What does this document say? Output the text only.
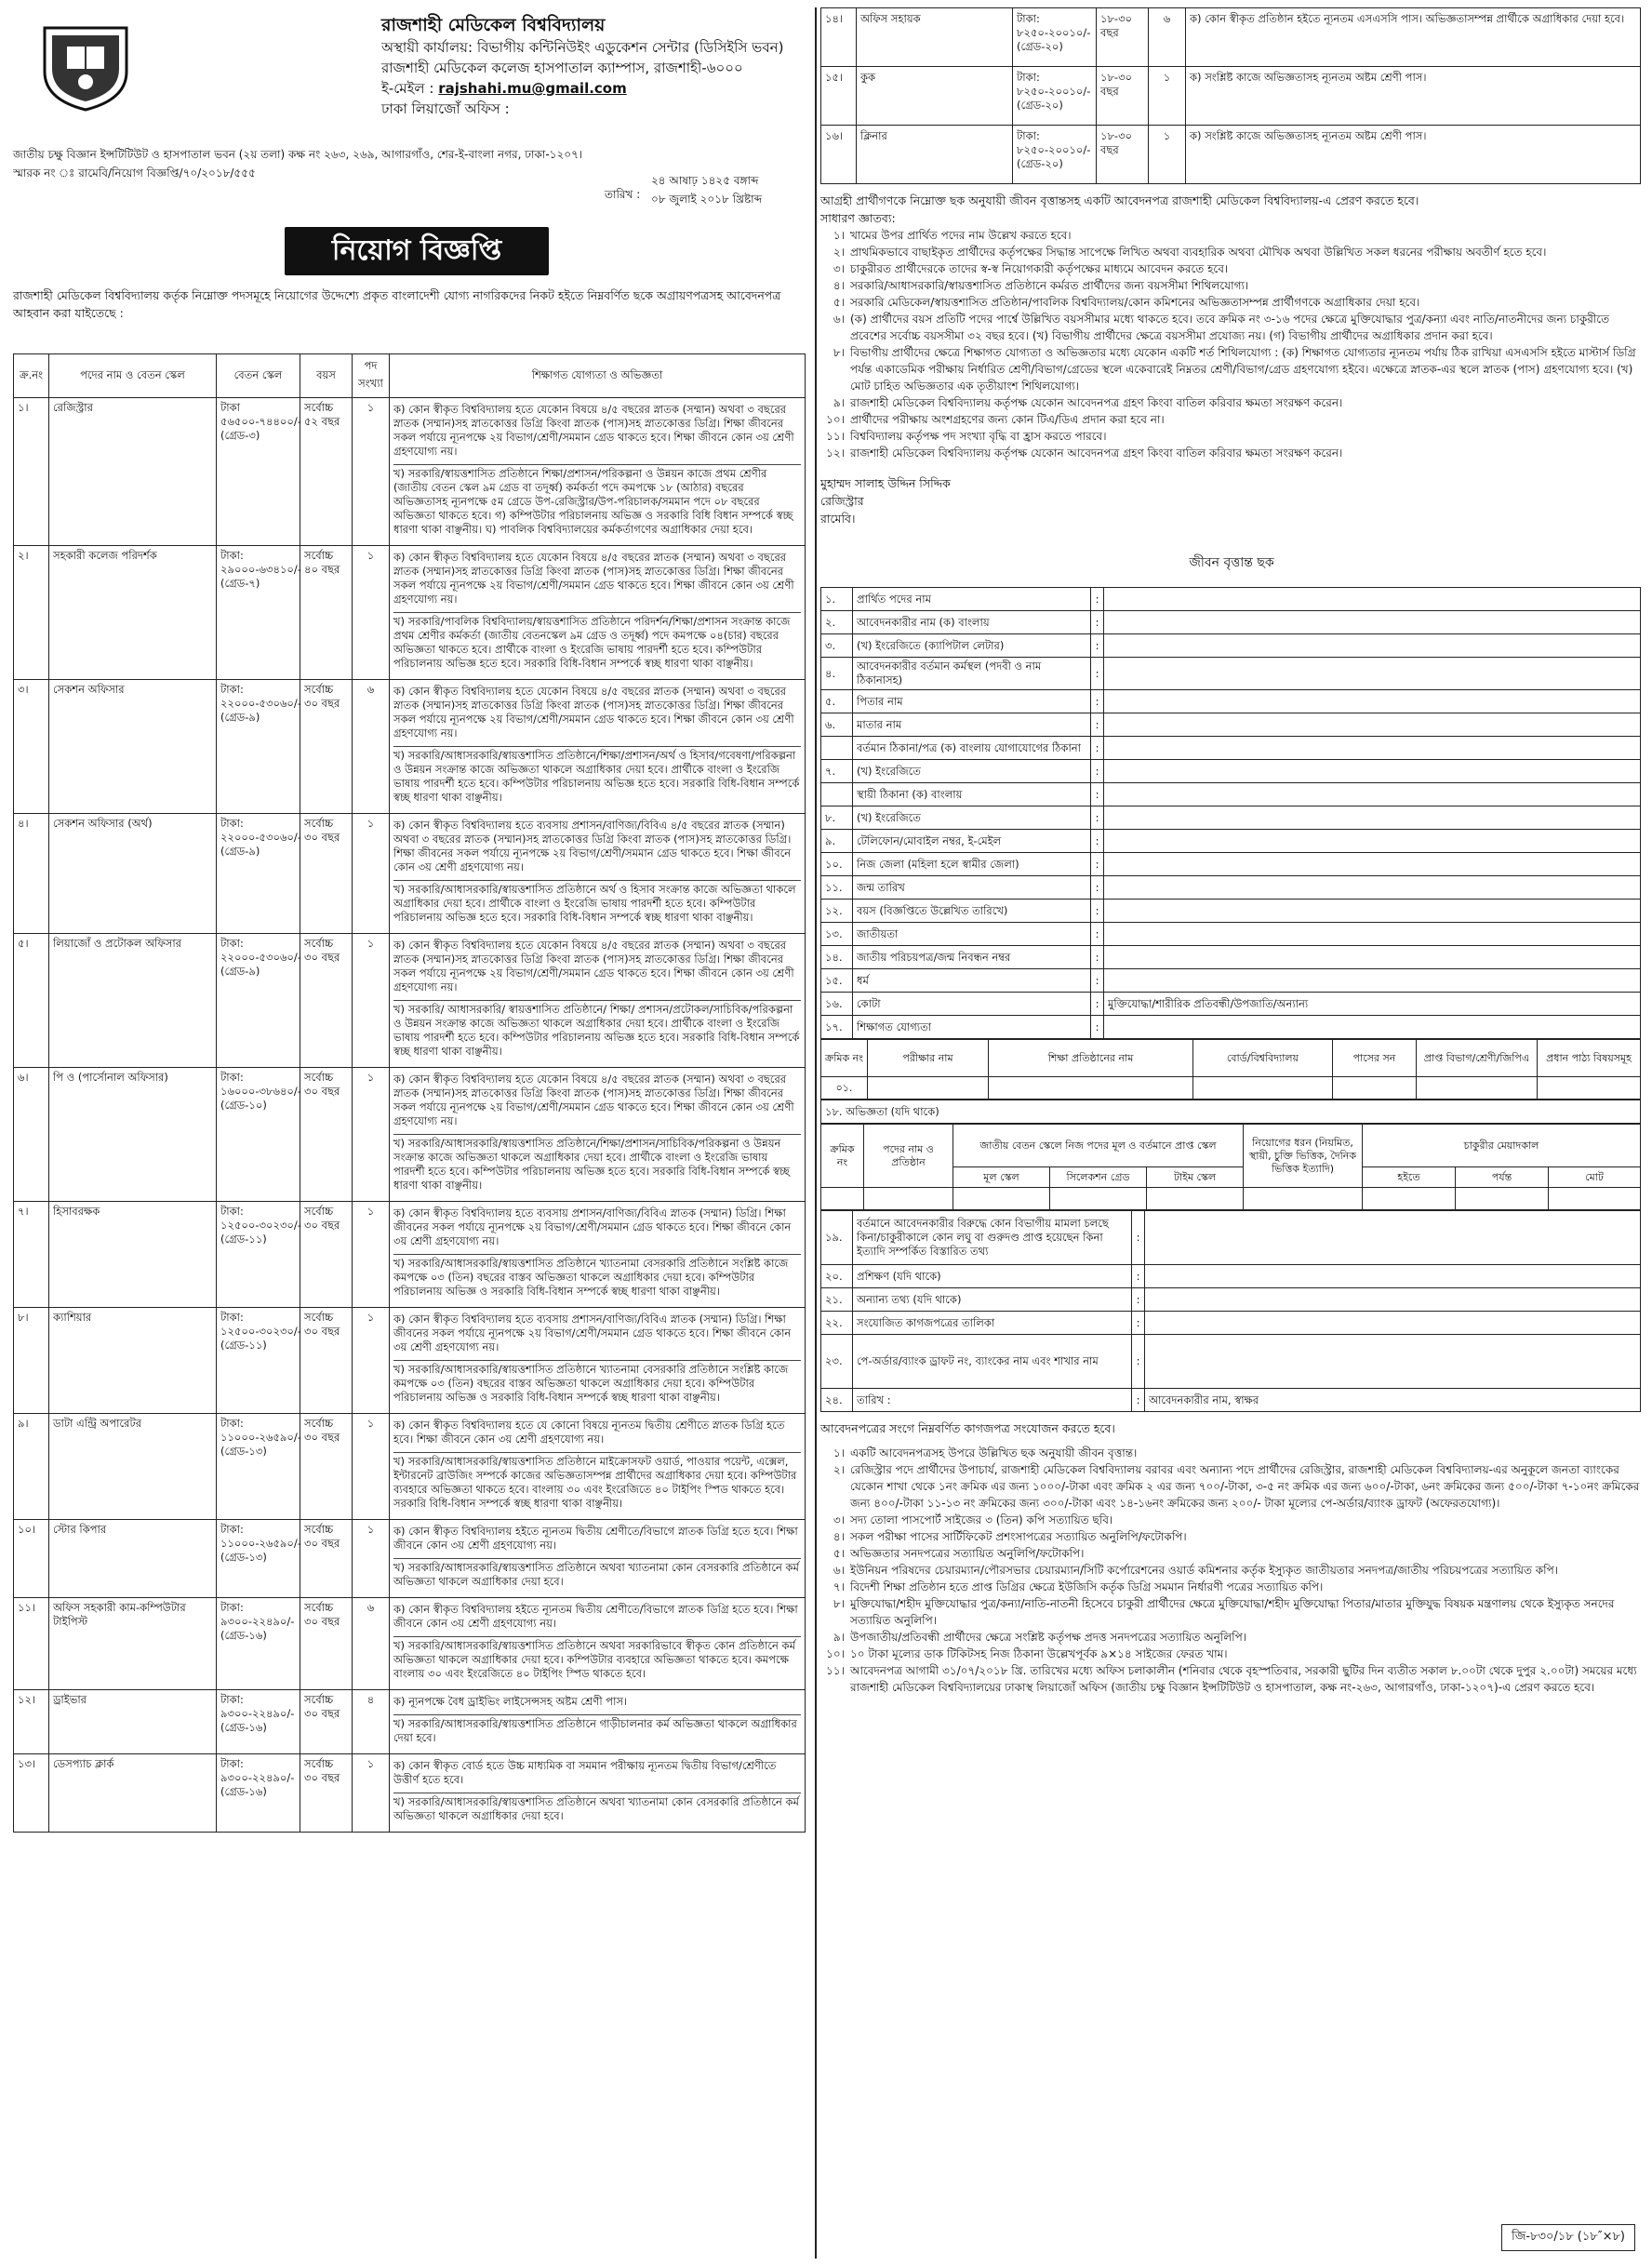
রাজশাহী মেডিকেল বিশ্ববিদ্যালয়
অস্থায়ী কার্যালয়: বিভাগীয় কন্টিনিউইং এডুকেশন সেন্টার (ডিসিইসি ভবন)
রাজশাহী মেডিকেল কলেজ হাসপাতাল ক্যাম্পাস, রাজশাহী-৬০০০
ই-মেইল : rajshahi.mu@gmail.com
ঢাকা লিয়াজোঁ অফিস :
জাতীয় চক্ষু বিজ্ঞান ইন্সটিটিউট ও হাসপাতাল ভবন (২য় তলা) কক্ষ নং ২৬৩, ২৬৯, আগারগাঁও, শের-ই-বাংলা নগর, ঢাকা-১২০৭।
স্মারক নং ঃ রামেবি/নিয়োগ বিজ্ঞপ্তি/৭০/২০১৮/৫৫৫
২৪ আষাঢ় ১৪২৫ বঙ্গাব্দ
তারিখ : ০৮ জুলাই ২০১৮ খ্রিষ্টাব্দ
নিয়োগ বিজ্ঞপ্তি
রাজশাহী মেডিকেল বিশ্ববিদ্যালয় কর্তৃক নিম্নোক্ত পদসমূহে নিয়োগের উদ্দেশ্যে প্রকৃত বাংলাদেশী যোগ্য নাগরিকদের নিকট হইতে নিম্নবর্ণিত ছকে অগ্রায়ণপত্রসহ আবেদনপত্র আহবান করা যাইতেছে :
ক্র.নং	পদের নাম ও বেতন স্কেল	বেতন স্কেল	বয়স	পদ সংখ্যা	শিক্ষাগত যোগ্যতা ও অভিজ্ঞতা
১।	রেজিস্ট্রার	টাকা ৫৬৫০০-৭৪৪০০/- (গ্রেড-৩)	সর্বোচ্চ ৫২ বছর	১	ক) কোন স্বীকৃত বিশ্ববিদ্যালয় হতে যেকোন বিষয়ে ৪/৫ বছরের স্নাতক (সম্মান) অথবা ৩ বছরের স্নাতক (সম্মান)সহ স্নাতকোত্তর ডিগ্রি কিংবা স্নাতক (পাস)সহ স্নাতকোত্তর ডিগ্রি। শিক্ষা জীবনের সকল পর্যায়ে ন্যূনপক্ষে ২য় বিভাগ/শ্রেণী/সমমান গ্রেড থাকতে হবে। শিক্ষা জীবনে কোন ৩য় শ্রেণী গ্রহণযোগ্য নয়।
খ) সরকারি/স্বায়ত্তশাসিত প্রতিষ্ঠানে শিক্ষা/প্রশাসন/পরিকল্পনা ও উন্নয়ন কাজে প্রথম শ্রেণীর (জাতীয় বেতন স্কেল ৯ম গ্রেড বা তদূর্ধ্ব) কর্মকর্তা পদে কমপক্ষে ১৮ (আঠার) বছরের অভিজ্ঞতাসহ ন্যূনপক্ষে ৫ম গ্রেডে উপ-রেজিস্ট্রার/উপ-পরিচালক/সমমান পদে ০৮ বছরের অভিজ্ঞতা থাকতে হবে। গ) কম্পিউটার পরিচালনায় অভিজ্ঞ ও সরকারি বিধি বিধান সম্পর্কে স্বচ্ছ ধারণা থাকা বাঞ্ছনীয়। ঘ) পাবলিক বিশ্ববিদ্যালয়ের কর্মকর্তাগণের অগ্রাধিকার দেয়া হবে।

২।	সহকারী কলেজ পরিদর্শক	টাকা: ২৯০০০-৬৩৪১০/- (গ্রেড-৭)	সর্বোচ্চ ৪০ বছর	১	ক) কোন স্বীকৃত বিশ্ববিদ্যালয় হতে যেকোন বিষয়ে ৪/৫ বছরের স্নাতক (সম্মান) অথবা ৩ বছরের স্নাতক (সম্মান)সহ স্নাতকোত্তর ডিগ্রি কিংবা স্নাতক (পাস)সহ স্নাতকোত্তর ডিগ্রি। শিক্ষা জীবনের সকল পর্যায়ে ন্যূনপক্ষে ২য় বিভাগ/শ্রেণী/সমমান গ্রেড থাকতে হবে। শিক্ষা জীবনে কোন ৩য় শ্রেণী গ্রহণযোগ্য নয়।
খ) সরকারি/পাবলিক বিশ্ববিদ্যালয়/স্বায়ত্তশাসিত প্রতিষ্ঠানে পরিদর্শন/শিক্ষা/প্রশাসন সংক্রান্ত কাজে প্রথম শ্রেণীর কর্মকর্তা (জাতীয় বেতনস্কেল ৯ম গ্রেড ও তদূর্ধ্ব) পদে কমপক্ষে ০৪(চার) বছরের অভিজ্ঞতা থাকতে হবে। প্রার্থীকে বাংলা ও ইংরেজি ভাষায় পারদর্শী হতে হবে। কম্পিউটার পরিচালনায় অভিজ্ঞ হতে হবে। সরকারি বিধি-বিধান সম্পর্কে স্বচ্ছ ধারণা থাকা বাঞ্ছনীয়।

৩।	সেকশন অফিসার	টাকা: ২২০০০-৫৩০৬০/- (গ্রেড-৯)	সর্বোচ্চ ৩০ বছর	৬	ক) কোন স্বীকৃত বিশ্ববিদ্যালয় হতে যেকোন বিষয়ে ৪/৫ বছরের স্নাতক (সম্মান) অথবা ৩ বছরের স্নাতক (সম্মান)সহ স্নাতকোত্তর ডিগ্রি কিংবা স্নাতক (পাস)সহ স্নাতকোত্তর ডিগ্রি। শিক্ষা জীবনের সকল পর্যায়ে ন্যূনপক্ষে ২য় বিভাগ/শ্রেণী/সমমান গ্রেড থাকতে হবে। শিক্ষা জীবনে কোন ৩য় শ্রেণী গ্রহণযোগ্য নয়।
খ) সরকারি/আধাসরকারি/স্বায়ত্তশাসিত প্রতিষ্ঠানে/শিক্ষা/প্রশাসন/অর্থ ও হিসাব/গবেষণা/পরিকল্পনা ও উন্নয়ন সংক্রান্ত কাজে অভিজ্ঞতা থাকলে অগ্রাধিকার দেয়া হবে। প্রার্থীকে বাংলা ও ইংরেজি ভাষায় পারদর্শী হতে হবে। কম্পিউটার পরিচালনায় অভিজ্ঞ হতে হবে। সরকারি বিধি-বিধান সম্পর্কে স্বচ্ছ ধারণা থাকা বাঞ্ছনীয়।

৪।	সেকশন অফিসার (অর্থ)	টাকা: ২২০০০-৫৩০৬০/- (গ্রেড-৯)	সর্বোচ্চ ৩০ বছর	১	ক) কোন স্বীকৃত বিশ্ববিদ্যালয় হতে ব্যবসায় প্রশাসন/বাণিজ্য/বিবিএ ৪/৫ বছরের স্নাতক (সম্মান) অথবা ৩ বছরের স্নাতক (সম্মান)সহ স্নাতকোত্তর ডিগ্রি কিংবা স্নাতক (পাস)সহ স্নাতকোত্তর ডিগ্রি। শিক্ষা জীবনের সকল পর্যায়ে ন্যূনপক্ষে ২য় বিভাগ/শ্রেণী/সমমান গ্রেড থাকতে হবে। শিক্ষা জীবনে কোন ৩য় শ্রেণী গ্রহণযোগ্য নয়।
খ) সরকারি/আধাসরকারি/স্বায়ত্তশাসিত প্রতিষ্ঠানে অর্থ ও হিসাব সংক্রান্ত কাজে অভিজ্ঞতা থাকলে অগ্রাধিকার দেয়া হবে। প্রার্থীকে বাংলা ও ইংরেজি ভাষায় পারদর্শী হতে হবে। কম্পিউটার পরিচালনায় অভিজ্ঞ হতে হবে। সরকারি বিধি-বিধান সম্পর্কে স্বচ্ছ ধারণা থাকা বাঞ্ছনীয়।

৫।	লিয়াজোঁ ও প্রটোকল অফিসার	টাকা: ২২০০০-৫৩০৬০/- (গ্রেড-৯)	সর্বোচ্চ ৩০ বছর	১	ক) কোন স্বীকৃত বিশ্ববিদ্যালয় হতে যেকোন বিষয়ে ৪/৫ বছরের স্নাতক (সম্মান) অথবা ৩ বছরের স্নাতক (সম্মান)সহ স্নাতকোত্তর ডিগ্রি কিংবা স্নাতক (পাস)সহ স্নাতকোত্তর ডিগ্রি। শিক্ষা জীবনের সকল পর্যায়ে ন্যূনপক্ষে ২য় বিভাগ/শ্রেণী/সমমান গ্রেড থাকতে হবে। শিক্ষা জীবনে কোন ৩য় শ্রেণী গ্রহণযোগ্য নয়।
খ) সরকারি/ আধাসরকারি/ স্বায়ত্তশাসিত প্রতিষ্ঠানে/ শিক্ষা/ প্রশাসন/প্রটোকল/সাচিবিক/পরিকল্পনা ও উন্নয়ন সংক্রান্ত কাজে অভিজ্ঞতা থাকলে অগ্রাধিকার দেয়া হবে। প্রার্থীকে বাংলা ও ইংরেজি ভাষায় পারদর্শী হতে হবে। কম্পিউটার পরিচালনায় অভিজ্ঞ হতে হবে। সরকারি বিধি-বিধান সম্পর্কে স্বচ্ছ ধারণা থাকা বাঞ্ছনীয়।

৬।	পি ও (পার্সোনাল অফিসার)	টাকা: ১৬০০০-৩৮৬৪০/- (গ্রেড-১০)	সর্বোচ্চ ৩০ বছর	১	ক) কোন স্বীকৃত বিশ্ববিদ্যালয় হতে যেকোন বিষয়ে ৪/৫ বছরের স্নাতক (সম্মান) অথবা ৩ বছরের স্নাতক (সম্মান)সহ স্নাতকোত্তর ডিগ্রি কিংবা স্নাতক (পাস)সহ স্নাতকোত্তর ডিগ্রি। শিক্ষা জীবনের সকল পর্যায়ে ন্যূনপক্ষে ২য় বিভাগ/শ্রেণী/সমমান গ্রেড থাকতে হবে। শিক্ষা জীবনে কোন ৩য় শ্রেণী গ্রহণযোগ্য নয়।
খ) সরকারি/আধাসরকারি/স্বায়ত্তশাসিত প্রতিষ্ঠানে/শিক্ষা/প্রশাসন/সাচিবিক/পরিকল্পনা ও উন্নয়ন সংক্রান্ত কাজে অভিজ্ঞতা থাকলে অগ্রাধিকার দেয়া হবে। প্রার্থীকে বাংলা ও ইংরেজি ভাষায় পারদর্শী হতে হবে। কম্পিউটার পরিচালনায় অভিজ্ঞ হতে হবে। সরকারি বিধি-বিধান সম্পর্কে স্বচ্ছ ধারণা থাকা বাঞ্ছনীয়।

৭।	হিসাবরক্ষক	টাকা: ১২৫০০-৩০২৩০/- (গ্রেড-১১)	সর্বোচ্চ ৩০ বছর	১	ক) কোন স্বীকৃত বিশ্ববিদ্যালয় হতে ব্যবসায় প্রশাসন/বাণিজ্য/বিবিএ স্নাতক (সম্মান) ডিগ্রি। শিক্ষা জীবনের সকল পর্যায়ে ন্যূনপক্ষে ২য় বিভাগ/শ্রেণী/সমমান গ্রেড থাকতে হবে। শিক্ষা জীবনে কোন ৩য় শ্রেণী গ্রহণযোগ্য নয়।
খ) সরকারি/আধাসরকারি/স্বায়ত্তশাসিত প্রতিষ্ঠানে খ্যাতনামা বেসরকারি প্রতিষ্ঠানে সংশ্লিষ্ট কাজে কমপক্ষে ০৩ (তিন) বছরের বাস্তব অভিজ্ঞতা থাকলে অগ্রাধিকার দেয়া হবে। কম্পিউটার পরিচালনায় অভিজ্ঞ ও সরকারি বিধি-বিধান সম্পর্কে স্বচ্ছ ধারণা থাকা বাঞ্ছনীয়।

৮।	ক্যাশিয়ার	টাকা: ১২৫০০-৩০২৩০/- (গ্রেড-১১)	সর্বোচ্চ ৩০ বছর	১	ক) কোন স্বীকৃত বিশ্ববিদ্যালয় হতে ব্যবসায় প্রশাসন/বাণিজ্য/বিবিএ স্নাতক (সম্মান) ডিগ্রি। শিক্ষা জীবনের সকল পর্যায়ে ন্যূনপক্ষে ২য় বিভাগ/শ্রেণী/সমমান গ্রেড থাকতে হবে। শিক্ষা জীবনে কোন ৩য় শ্রেণী গ্রহণযোগ্য নয়।
খ) সরকারি/আধাসরকারি/স্বায়ত্তশাসিত প্রতিষ্ঠানে খ্যাতনামা বেসরকারি প্রতিষ্ঠানে সংশ্লিষ্ট কাজে কমপক্ষে ০৩ (তিন) বছরের বাস্তব অভিজ্ঞতা থাকলে অগ্রাধিকার দেয়া হবে। কম্পিউটার পরিচালনায় অভিজ্ঞ ও সরকারি বিধি-বিধান সম্পর্কে স্বচ্ছ ধারণা থাকা বাঞ্ছনীয়।

৯।	ডাটা এন্ট্রি অপারেটর	টাকা: ১১০০০-২৬৫৯০/- (গ্রেড-১৩)	সর্বোচ্চ ৩০ বছর	১	ক) কোন স্বীকৃত বিশ্ববিদ্যালয় হতে যে কোনো বিষয়ে ন্যূনতম দ্বিতীয় শ্রেণীতে স্নাতক ডিগ্রি হতে হবে। শিক্ষা জীবনে কোন ৩য় শ্রেণী গ্রহণযোগ্য নয়।
খ) সরকারি/আধাসরকারি/স্বায়ত্তশাসিত প্রতিষ্ঠানে মাইক্রোসফট ওয়ার্ড, পাওয়ার পয়েন্ট, এক্সেল, ইন্টারনেট ব্রাউজিং সম্পর্কে কাজের অভিজ্ঞতাসম্পন্ন প্রার্থীদের অগ্রাধিকার দেয়া হবে। কম্পিউটার ব্যবহারে অভিজ্ঞতা থাকতে হবে। বাংলায় ৩০ এবং ইংরেজিতে ৪০ টাইপিং স্পিড থাকতে হবে। সরকারি বিধি-বিধান সম্পর্কে স্বচ্ছ ধারণা থাকা বাঞ্ছনীয়।

১০।	স্টোর কিপার	টাকা: ১১০০০-২৬৫৯০/- (গ্রেড-১৩)	সর্বোচ্চ ৩০ বছর	১	ক) কোন স্বীকৃত বিশ্ববিদ্যালয় হইতে ন্যূনতম দ্বিতীয় শ্রেণীতে/বিভাগে স্নাতক ডিগ্রি হতে হবে। শিক্ষা জীবনে কোন ৩য় শ্রেণী গ্রহণযোগ্য নয়।
খ) সরকারি/আধাসরকারি/স্বায়ত্তশাসিত প্রতিষ্ঠানে অথবা খ্যাতনামা কোন বেসরকারি প্রতিষ্ঠানে কর্ম অভিজ্ঞতা থাকলে অগ্রাধিকার দেয়া হবে।

১১।	অফিস সহকারী কাম-কম্পিউটার টাইপিস্ট	টাকা: ৯৩০০-২২৪৯০/- (গ্রেড-১৬)	সর্বোচ্চ ৩০ বছর	৬	ক) কোন স্বীকৃত বিশ্ববিদ্যালয় হইতে ন্যূনতম দ্বিতীয় শ্রেণীতে/বিভাগে স্নাতক ডিগ্রি হতে হবে। শিক্ষা জীবনে কোন ৩য় শ্রেণী গ্রহণযোগ্য নয়।
খ) সরকারি/আধাসরকারি/স্বায়ত্তশাসিত প্রতিষ্ঠানে অথবা সরকারিভাবে স্বীকৃত কোন প্রতিষ্ঠানে কর্ম অভিজ্ঞতা থাকলে অগ্রাধিকার দেয়া হবে। কম্পিউটার ব্যবহারে অভিজ্ঞতা থাকতে হবে। কমপক্ষে বাংলায় ৩০ এবং ইংরেজিতে ৪০ টাইপিং স্পিড থাকতে হবে।

১২।	ড্রাইভার	টাকা: ৯৩০০-২২৪৯০/- (গ্রেড-১৬)	সর্বোচ্চ ৩০ বছর	৪	ক) ন্যূনপক্ষে বৈধ ড্রাইভিং লাইসেন্সসহ অষ্টম শ্রেণী পাস।
খ) সরকারি/আধাসরকারি/স্বায়ত্তশাসিত প্রতিষ্ঠানে গাড়ীচালনার কর্ম অভিজ্ঞতা থাকলে অগ্রাধিকার দেয়া হবে।

১৩।	ডেসপ্যাচ ক্লার্ক	টাকা: ৯৩০০-২২৪৯০/- (গ্রেড-১৬)	সর্বোচ্চ ৩০ বছর	১	ক) কোন স্বীকৃত বোর্ড হতে উচ্চ মাধ্যমিক বা সমমান পরীক্ষায় ন্যূনতম দ্বিতীয় বিভাগ/শ্রেণীতে উত্তীর্ণ হতে হবে।
খ) সরকারি/আধাসরকারি/স্বায়ত্তশাসিত প্রতিষ্ঠানে অথবা খ্যাতনামা কোন বেসরকারি প্রতিষ্ঠানে কর্ম অভিজ্ঞতা থাকলে অগ্রাধিকার দেয়া হবে।
১৪।	অফিস সহায়ক	টাকা: ৮২৫০-২০০১০/- (গ্রেড-২০)	১৮-৩০ বছর	৬	ক) কোন স্বীকৃত প্রতিষ্ঠান হইতে ন্যূনতম এসএসসি পাস। অভিজ্ঞতাসম্পন্ন প্রার্থীকে অগ্রাধিকার দেয়া হবে।
১৫।	কুক	টাকা: ৮২৫০-২০০১০/- (গ্রেড-২০)	১৮-৩০ বছর	১	ক) সংশ্লিষ্ট কাজে অভিজ্ঞতাসহ ন্যূনতম অষ্টম শ্রেণী পাস।
১৬।	ক্লিনার	টাকা: ৮২৫০-২০০১০/- (গ্রেড-২০)	১৮-৩০ বছর	১	ক) সংশ্লিষ্ট কাজে অভিজ্ঞতাসহ ন্যূনতম অষ্টম শ্রেণী পাস।
আগ্রহী প্রার্থীগণকে নিম্নোক্ত ছক অনুযায়ী জীবন বৃত্তান্তসহ একটি আবেদনপত্র রাজশাহী মেডিকেল বিশ্ববিদ্যালয়-এ প্রেরণ করতে হবে।
সাধারণ জ্ঞাতব্য:
১। খামের উপর প্রার্থিত পদের নাম উল্লেখ করতে হবে।
২। প্রাথমিকভাবে বাছাইকৃত প্রার্থীদের কর্তৃপক্ষের সিদ্ধান্ত সাপেক্ষে লিখিত অথবা ব্যবহারিক অথবা মৌখিক অথবা উল্লিখিত সকল ধরনের পরীক্ষায় অবতীর্ণ হতে হবে।
৩। চাকুরীরত প্রার্থীদেরকে তাদের স্ব-স্ব নিয়োগকারী কর্তৃপক্ষের মাধ্যমে আবেদন করতে হবে।
৪। সরকারি/আধাসরকারি/স্বায়ত্তশাসিত প্রতিষ্ঠানে কর্মরত প্রার্থীদের জন্য বয়সসীমা শিথিলযোগ্য।
৫। সরকারি মেডিকেল/স্বায়ত্তশাসিত প্রতিষ্ঠান/পাবলিক বিশ্ববিদ্যালয়/কোন কমিশনের অভিজ্ঞতাসম্পন্ন প্রার্থীগণকে অগ্রাধিকার দেয়া হবে।
৬। (ক) প্রার্থীদের বয়স প্রতিটি পদের পার্শ্বে উল্লিখিত বয়সসীমার মধ্যে থাকতে হবে। তবে ক্রমিক নং ৩-১৬ পদের ক্ষেত্রে মুক্তিযোদ্ধার পুত্র/কন্যা এবং নাতি/নাতনীদের জন্য চাকুরীতে প্রবেশের সর্বোচ্চ বয়সসীমা ৩২ বছর হবে। (খ) বিভাগীয় প্রার্থীদের ক্ষেত্রে বয়সসীমা প্রযোজ্য নয়। (গ) বিভাগীয় প্রার্থীদের অগ্রাধিকার প্রদান করা হবে।
৮। বিভাগীয় প্রার্থীদের ক্ষেত্রে শিক্ষাগত যোগ্যতা ও অভিজ্ঞতার মধ্যে যেকোন একটি শর্ত শিথিলযোগ্য : (ক) শিক্ষাগত যোগ্যতার ন্যূনতম পর্যায় ঠিক রাখিয়া এসএসসি হইতে মাস্টার্স ডিগ্রি পর্যন্ত একাডেমিক পরীক্ষায় নির্ধারিত শ্রেণী/বিভাগ/গ্রেডের স্থলে একেবারেই নিম্নতর শ্রেণী/বিভাগ/গ্রেড গ্রহণযোগ্য হইবে। এক্ষেত্রে স্নাতক-এর স্থলে স্নাতক (পাস) গ্রহণযোগ্য হবে। (খ) মোট চাহিত অভিজ্ঞতার এক তৃতীয়াংশ শিথিলযোগ্য।
৯। রাজশাহী মেডিকেল বিশ্ববিদ্যালয় কর্তৃপক্ষ যেকোন আবেদনপত্র গ্রহণ কিংবা বাতিল করিবার ক্ষমতা সংরক্ষণ করেন।
১০। প্রার্থীদের পরীক্ষায় অংশগ্রহণের জন্য কোন টিএ/ডিএ প্রদান করা হবে না।
১১। বিশ্ববিদ্যালয় কর্তৃপক্ষ পদ সংখ্যা বৃদ্ধি বা হ্রাস করতে পারবে।
১২। রাজশাহী মেডিকেল বিশ্ববিদ্যালয় কর্তৃপক্ষ যেকোন আবেদনপত্র গ্রহণ কিংবা বাতিল করিবার ক্ষমতা সংরক্ষণ করেন।
মুহাম্মদ সালাহ উদ্দিন সিদ্দিক
রেজিস্ট্রার
রামেবি।
জীবন বৃত্তান্ত ছক
১.	প্রার্থিত পদের নাম	:	
২.	আবেদনকারীর নাম (ক) বাংলায়	:	
৩.	(খ) ইংরেজিতে (ক্যাপিটাল লেটার)	:	
৪.	আবেদনকারীর বর্তমান কর্মস্থল (পদবী ও নাম ঠিকানাসহ)	:	
৫.	পিতার নাম	:	
৬.	মাতার নাম	:	
	বর্তমান ঠিকানা/পত্র (ক) বাংলায় যোগাযোগের ঠিকানা	:	
৭.	(খ) ইংরেজিতে	:	
	স্থায়ী ঠিকানা (ক) বাংলায়	:	
৮.	(খ) ইংরেজিতে	:	
৯.	টেলিফোন/মোবাইল নম্বর, ই-মেইল	:	
১০.	নিজ জেলা (মহিলা হলে স্বামীর জেলা)	:	
১১.	জন্ম তারিখ	:	
১২.	বয়স (বিজ্ঞপ্তিতে উল্লেখিত তারিখে)	:	
১৩.	জাতীয়তা	:	
১৪.	জাতীয় পরিচয়পত্র/জন্ম নিবন্ধন নম্বর	:	
১৫.	ধর্ম	:	
১৬.	কোটা	:	মুক্তিযোদ্ধা/শারীরিক প্রতিবন্ধী/উপজাতি/অন্যান্য
১৭.	শিক্ষাগত যোগ্যতা	:	
ক্রমিক নং	পরীক্ষার নাম	শিক্ষা প্রতিষ্ঠানের নাম	বোর্ড/বিশ্ববিদ্যালয়	পাসের সন	প্রাপ্ত বিভাগ/শ্রেণী/জিপিএ	প্রধান পাঠ্য বিষয়সমূহ
০১.						
১৮. অভিজ্ঞতা (যদি থাকে)
ক্রমিক নং	পদের নাম ও প্রতিষ্ঠান	জাতীয় বেতন স্কেলে নিজ পদের মূল ও বর্তমানে প্রাপ্ত স্কেল			নিয়োগের ধরন (নিয়মিত, স্থায়ী, চুক্তি ভিত্তিক, দৈনিক ভিত্তিক ইত্যাদি)	চাকুরীর মেয়াদকাল		
		মূল স্কেল	সিলেকশন গ্রেড	টাইম স্কেল		হইতে	পর্যন্ত	মোট

১৯.	বর্তমানে আবেদনকারীর বিরুদ্ধে কোন বিভাগীয় মামলা চলছে কিনা/চাকুরীকালে কোন লঘু বা গুরুদণ্ড প্রাপ্ত হয়েছেন কিনা ইত্যাদি সম্পর্কিত বিস্তারিত তথ্য	:	
২০.	প্রশিক্ষণ (যদি থাকে)	:	
২১.	অন্যান্য তথ্য (যদি থাকে)	:	
২২.	সংযোজিত কাগজপত্রের তালিকা	:	
২৩.	পে-অর্ডার/ব্যাংক ড্রাফট নং, ব্যাংকের নাম এবং শাখার নাম	:	
২৪.	তারিখ :	:	আবেদনকারীর নাম, স্বাক্ষর
আবেদনপত্রের সংগে নিম্নবর্ণিত কাগজপত্র সংযোজন করতে হবে।
১। একটি আবেদনপত্রসহ উপরে উল্লিখিত ছক অনুযায়ী জীবন বৃত্তান্ত।
২। রেজিস্ট্রার পদে প্রার্থীদের উপাচার্য, রাজশাহী মেডিকেল বিশ্ববিদ্যালয় বরাবর এবং অন্যান্য পদে প্রার্থীদের রেজিস্ট্রার, রাজশাহী মেডিকেল বিশ্ববিদ্যালয়-এর অনুকূলে জনতা ব্যাংকের যেকোন শাখা থেকে ১নং ক্রমিক এর জন্য ১০০০/-টাকা এবং ক্রমিক ২ এর জন্য ৭০০/-টাকা, ৩-৫ নং ক্রমিক এর জন্য ৬০০/-টাকা, ৬নং ক্রমিকের জন্য ৫০০/-টাকা ৭-১০নং ক্রমিকের জন্য ৪০০/-টাকা ১১-১৩ নং ক্রমিকের জন্য ৩০০/-টাকা এবং ১৪-১৬নং ক্রমিকের জন্য ২০০/- টাকা মূল্যের পে-অর্ডার/ব্যাংক ড্রাফট (অফেরতযোগ্য)।
৩। সদ্য তোলা পাসপোর্ট সাইজের ৩ (তিন) কপি সত্যায়িত ছবি।
৪। সকল পরীক্ষা পাসের সার্টিফিকেট প্রশংসাপত্রের সত্যায়িত অনুলিপি/ফটোকপি।
৫। অভিজ্ঞতার সনদপত্রের সত্যায়িত অনুলিপি/ফটোকপি।
৬। ইউনিয়ন পরিষদের চেয়ারম্যান/পৌরসভার চেয়ারম্যান/সিটি কর্পোরেশনের ওয়ার্ড কমিশনার কর্তৃক ইস্যুকৃত জাতীয়তার সনদপত্র/জাতীয় পরিচয়পত্রের সত্যায়িত কপি।
৭। বিদেশী শিক্ষা প্রতিষ্ঠান হতে প্রাপ্ত ডিগ্রির ক্ষেত্রে ইউজিসি কর্তৃক ডিগ্রি সমমান নির্ধারণী পত্রের সত্যায়িত কপি।
৮। মুক্তিযোদ্ধা/শহীদ মুক্তিযোদ্ধার পুত্র/কন্যা/নাতি-নাতনী হিসেবে চাকুরী প্রার্থীদের ক্ষেত্রে মুক্তিযোদ্ধা/শহীদ মুক্তিযোদ্ধা পিতার/মাতার মুক্তিযুদ্ধ বিষয়ক মন্ত্রণালয় থেকে ইস্যুকৃত সনদের সত্যায়িত অনুলিপি।
৯। উপজাতীয়/প্রতিবন্ধী প্রার্থীদের ক্ষেত্রে সংশ্লিষ্ট কর্তৃপক্ষ প্রদত্ত সনদপত্রের সত্যায়িত অনুলিপি।
১০। ১০ টাকা মূল্যের ডাক টিকিটসহ নিজ ঠিকানা উল্লেখপূর্বক ৯×১৪ সাইজের ফেরত খাম।
১১। আবেদনপত্র আগামী ৩১/০৭/২০১৮ খ্রি. তারিখের মধ্যে অফিস চলাকালীন (শনিবার থেকে বৃহস্পতিবার, সরকারী ছুটির দিন ব্যতীত সকাল ৮.০০টা থেকে দুপুর ২.০০টা) সময়ের মধ্যে রাজশাহী মেডিকেল বিশ্ববিদ্যালয়ের ঢাকাস্থ লিয়াজোঁ অফিস (জাতীয় চক্ষু বিজ্ঞান ইন্সটিটিউট ও হাসপাতাল, কক্ষ নং-২৬৩, আগারগাঁও, ঢাকা-১২০৭)-এ প্রেরণ করতে হবে।
জি-৮৩০/১৮ (১৮″×৮)
